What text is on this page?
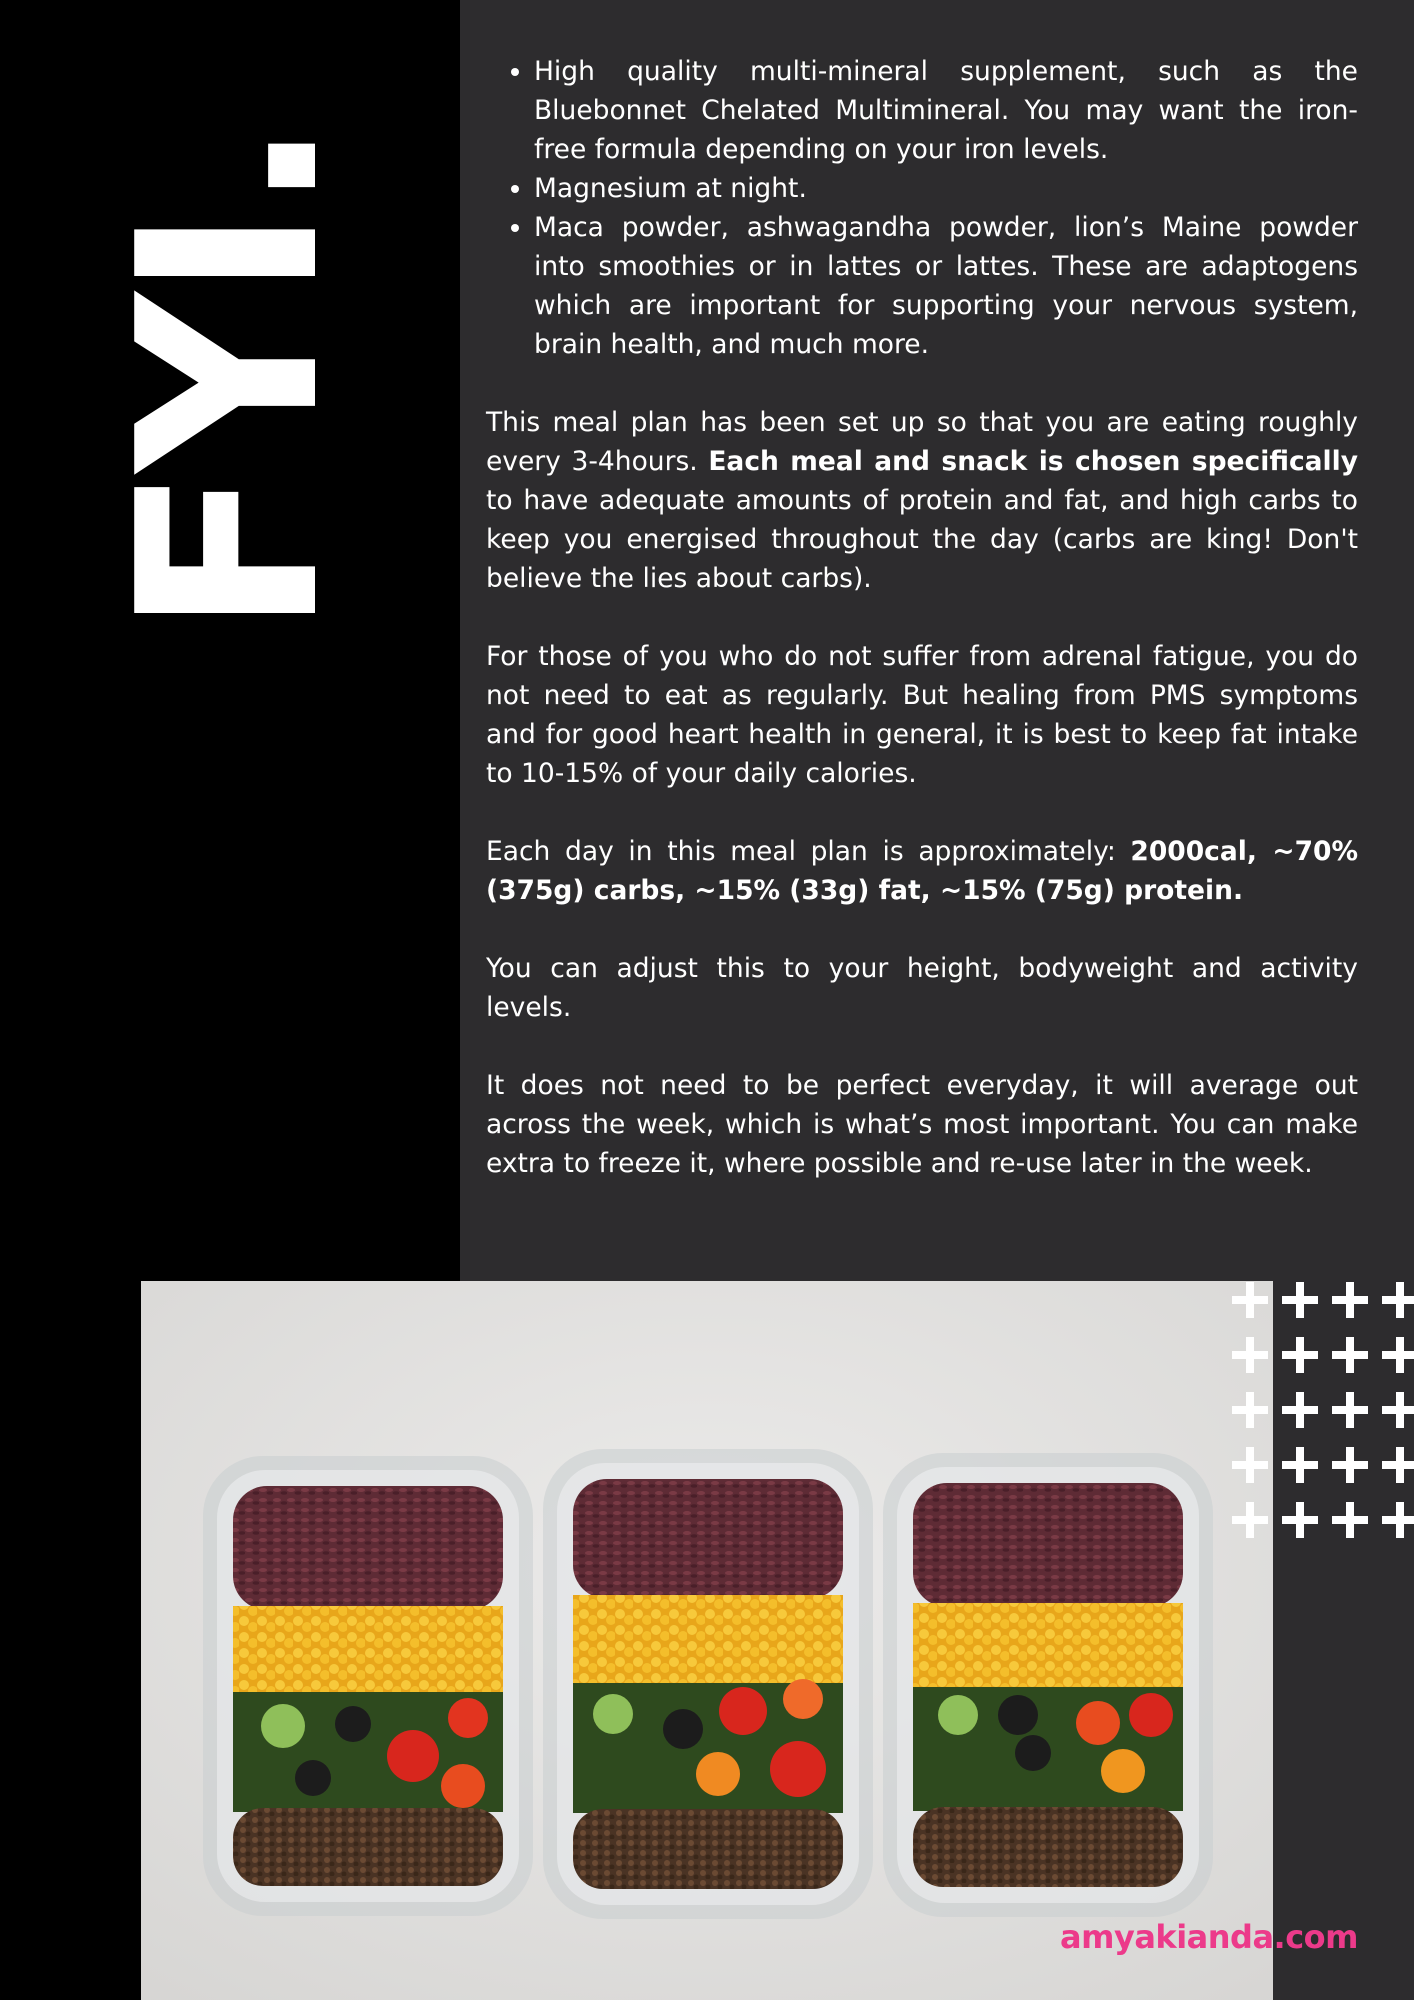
FYI.
• High quality multi-mineral supplement, such as the Bluebonnet Chelated Multimineral. You may want the iron-free formula depending on your iron levels.
• Magnesium at night.
• Maca powder, ashwagandha powder, lion’s Maine powder into smoothies or in lattes or lattes. These are adaptogens which are important for supporting your nervous system, brain health, and much more.

This meal plan has been set up so that you are eating roughly every 3-4hours. Each meal and snack is chosen specifically to have adequate amounts of protein and fat, and high carbs to keep you energised throughout the day (carbs are king! Don't believe the lies about carbs).

For those of you who do not suffer from adrenal fatigue, you do not need to eat as regularly. But healing from PMS symptoms and for good heart health in general, it is best to keep fat intake to 10-15% of your daily calories.

Each day in this meal plan is approximately: 2000cal, ~70% (375g) carbs, ~15% (33g) fat, ~15% (75g) protein.

You can adjust this to your height, bodyweight and activity levels.

It does not need to be perfect everyday, it will average out across the week, which is what’s most important. You can make extra to freeze it, where possible and re-use later in the week.

amyakianda.com
